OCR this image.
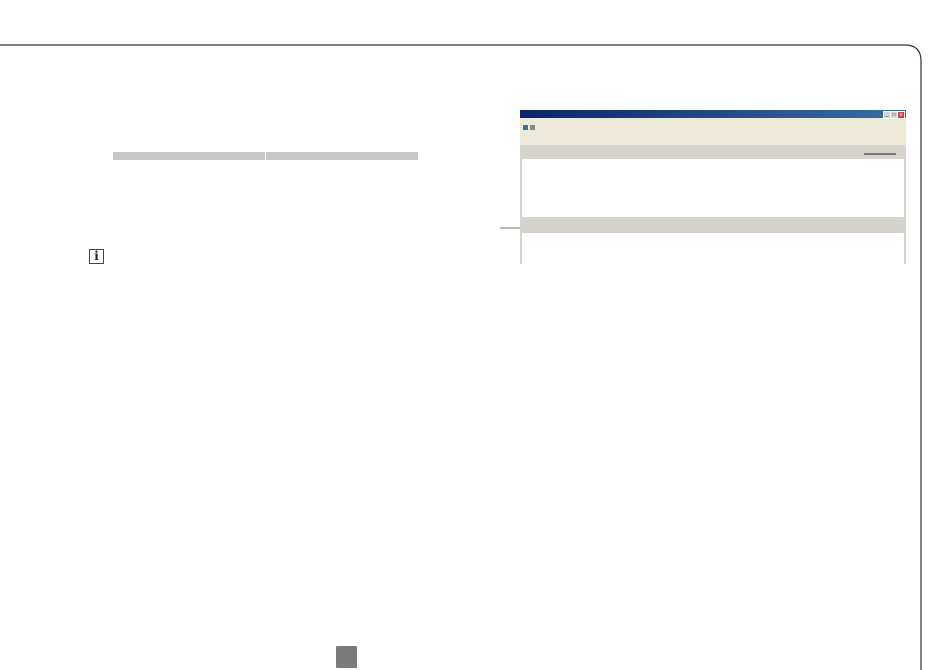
i
_ □ x
